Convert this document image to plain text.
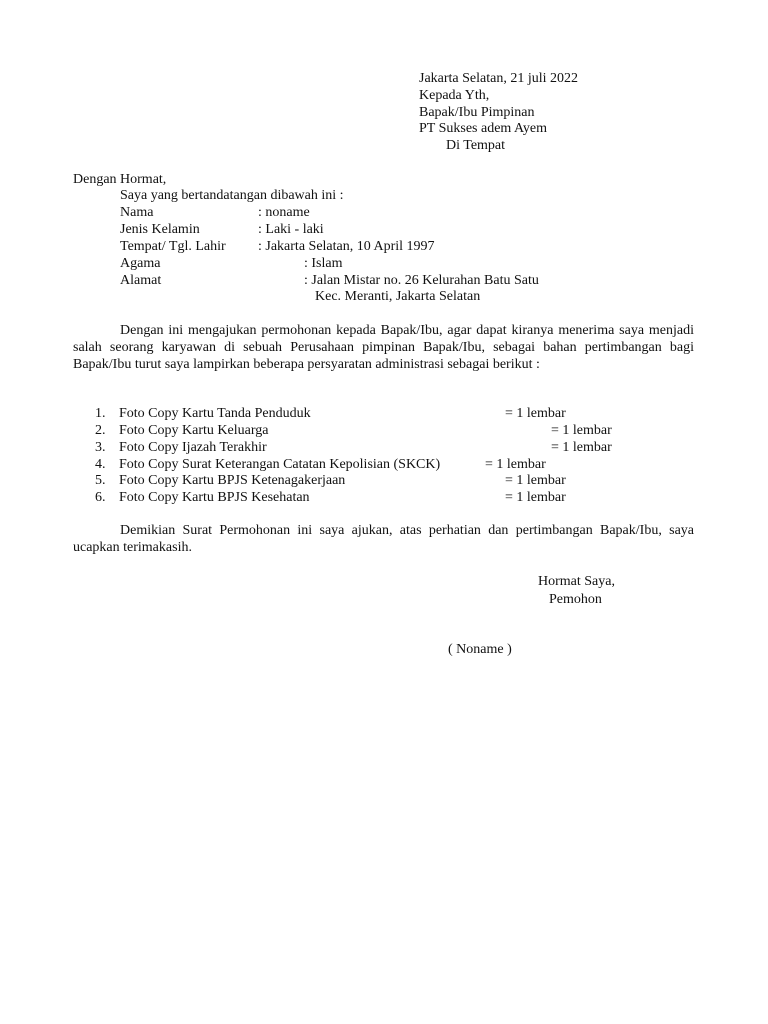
Jakarta Selatan, 21 juli 2022
Kepada Yth,
Bapak/Ibu Pimpinan
PT Sukses adem Ayem
Di Tempat
Dengan Hormat,
Saya yang bertandatangan dibawah ini :
Nama	: noname
Jenis Kelamin	: Laki - laki
Tempat/ Tgl. Lahir : Jakarta Selatan, 10 April 1997
Agama	: Islam
Alamat	: Jalan Mistar no. 26 Kelurahan Batu Satu
Kec. Meranti, Jakarta Selatan
Dengan ini mengajukan permohonan kepada Bapak/Ibu, agar dapat kiranya menerima saya menjadi salah seorang karyawan di sebuah Perusahaan pimpinan Bapak/Ibu, sebagai bahan pertimbangan bagi Bapak/Ibu turut saya lampirkan beberapa persyaratan administrasi sebagai berikut :
1. Foto Copy Kartu Tanda Penduduk	= 1 lembar
2. Foto Copy Kartu Keluarga	= 1 lembar
3. Foto Copy Ijazah Terakhir	= 1 lembar
4. Foto Copy Surat Keterangan Catatan Kepolisian (SKCK)	= 1 lembar
5. Foto Copy Kartu BPJS Ketenagakerjaan	= 1 lembar
6. Foto Copy Kartu BPJS Kesehatan	= 1 lembar
Demikian Surat Permohonan ini saya ajukan, atas perhatian dan pertimbangan Bapak/Ibu, saya ucapkan terimakasih.
Hormat Saya,
Pemohon
( Noname )
